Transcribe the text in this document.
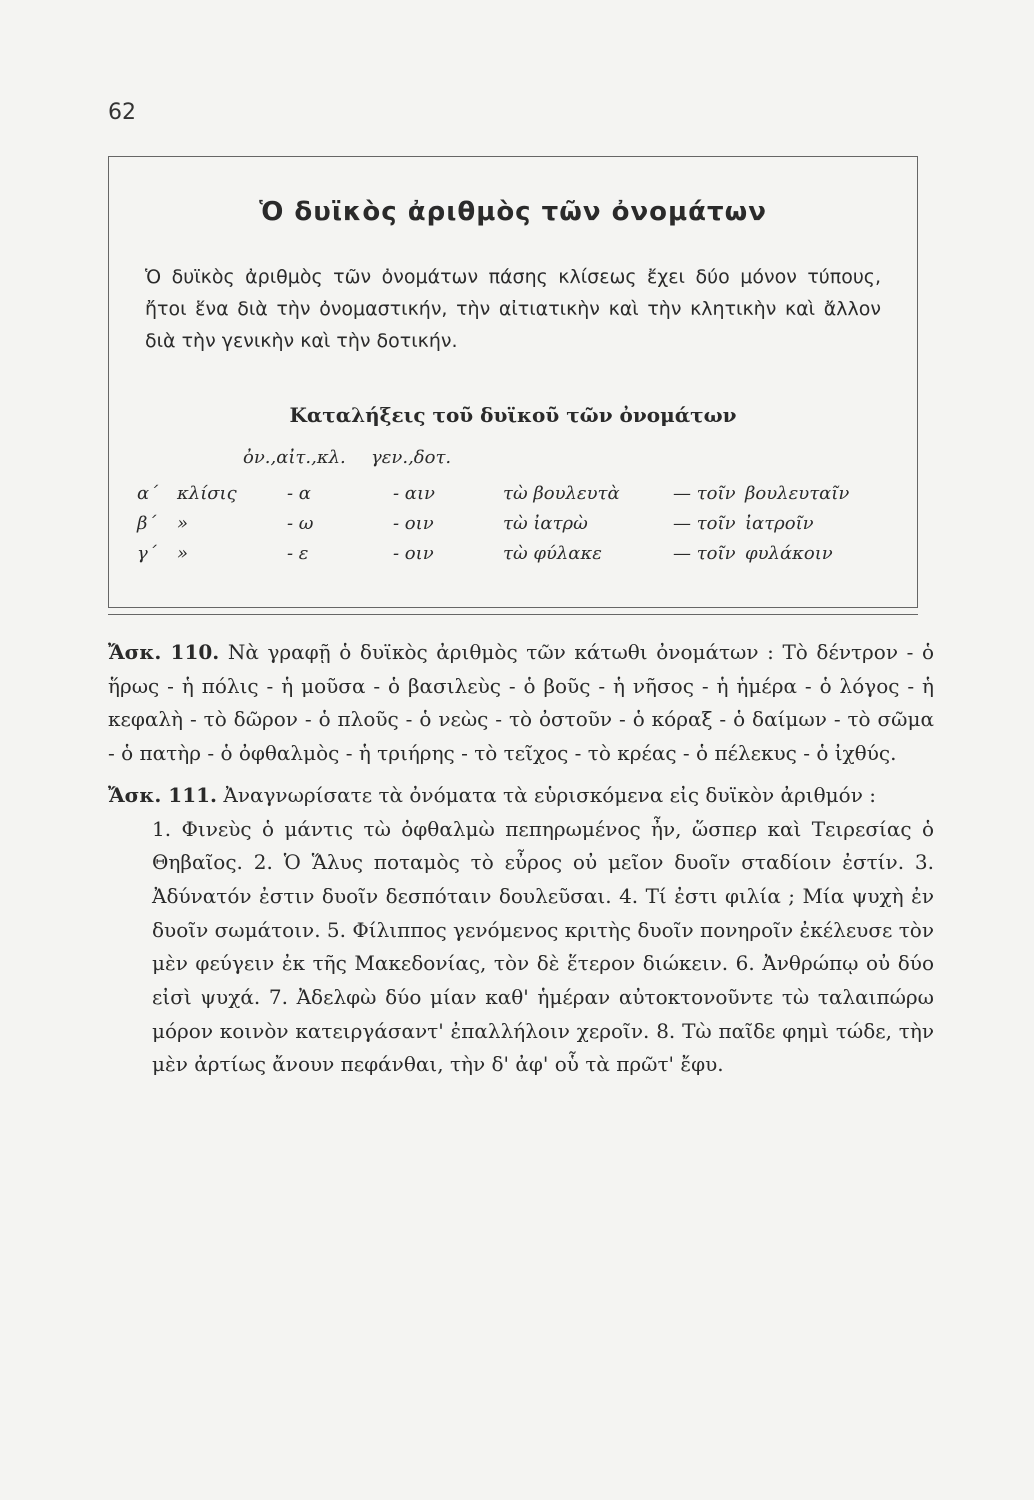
62
Ὁ δυϊκὸς ἀριθμὸς τῶν ὀνομάτων

Ὁ δυϊκὸς ἀριθμὸς τῶν ὀνομάτων πάσης κλίσεως ἔχει δύο μόνον τύπους, ἤτοι ἕνα διὰ τὴν ὀνομαστικήν, τὴν αἰτιατικὴν καὶ τὴν κλητικὴν καὶ ἄλλον διὰ τὴν γενικὴν καὶ τὴν δοτικήν.

Καταλήξεις τοῦ δυϊκοῦ τῶν ὀνομάτων
ὀν.,αἰτ.,κλ. γεν.,δοτ.
α΄ κλίσις	- α	- αιν	τὼ βουλευτὰ	— τοῖν βουλευταῖν
β΄ »	- ω	- οιν	τὼ ἰατρὼ	— τοῖν ἰατροῖν
γ΄ »	- ε	- οιν	τὼ φύλακε	— τοῖν φυλάκοιν

Ἄσκ. 110. Νὰ γραφῇ ὁ δυϊκὸς ἀριθμὸς τῶν κάτωθι ὀνομάτων : Τὸ δέντρον - ὁ ἥρως - ἡ πόλις - ἡ μοῦσα - ὁ βασιλεὺς - ὁ βοῦς - ἡ νῆσος - ἡ ἡμέρα - ὁ λόγος - ἡ κεφαλὴ - τὸ δῶρον - ὁ πλοῦς - ὁ νεὼς - τὸ ὀστοῦν - ὁ κόραξ - ὁ δαίμων - τὸ σῶμα - ὁ πατὴρ - ὁ ὀφθαλμὸς - ἡ τριήρης - τὸ τεῖχος - τὸ κρέας - ὁ πέλεκυς - ὁ ἰχθύς.

Ἄσκ. 111. Ἀναγνωρίσατε τὰ ὀνόματα τὰ εὑρισκόμενα εἰς δυϊκὸν ἀριθμόν :

1. Φινεὺς ὁ μάντις τὼ ὀφθαλμὼ πεπηρωμένος ἦν, ὥσπερ καὶ Τειρεσίας ὁ Θηβαῖος. 2. Ὁ Ἅλυς ποταμὸς τὸ εὖρος οὐ μεῖον δυοῖν σταδίοιν ἐστίν. 3. Ἀδύνατόν ἐστιν δυοῖν δεσπόταιν δουλεῦσαι. 4. Τί ἐστι φιλία ; Μία ψυχὴ ἐν δυοῖν σωμάτοιν. 5. Φίλιππος γενόμενος κριτὴς δυοῖν πονηροῖν ἐκέλευσε τὸν μὲν φεύγειν ἐκ τῆς Μακεδονίας, τὸν δὲ ἕτερον διώκειν. 6. Ἀνθρώπῳ οὐ δύο εἰσὶ ψυχά. 7. Ἀδελφὼ δύο μίαν καθ' ἡμέραν αὐτοκτονοῦντε τὼ ταλαιπώρω μόρον κοινὸν κατειργάσαντ' ἐπαλλήλοιν χεροῖν. 8. Τὼ παῖδε φημὶ τώδε, τὴν μὲν ἀρτίως ἄνουν πεφάνθαι, τὴν δ' ἀφ' οὗ τὰ πρῶτ' ἔφυ.
